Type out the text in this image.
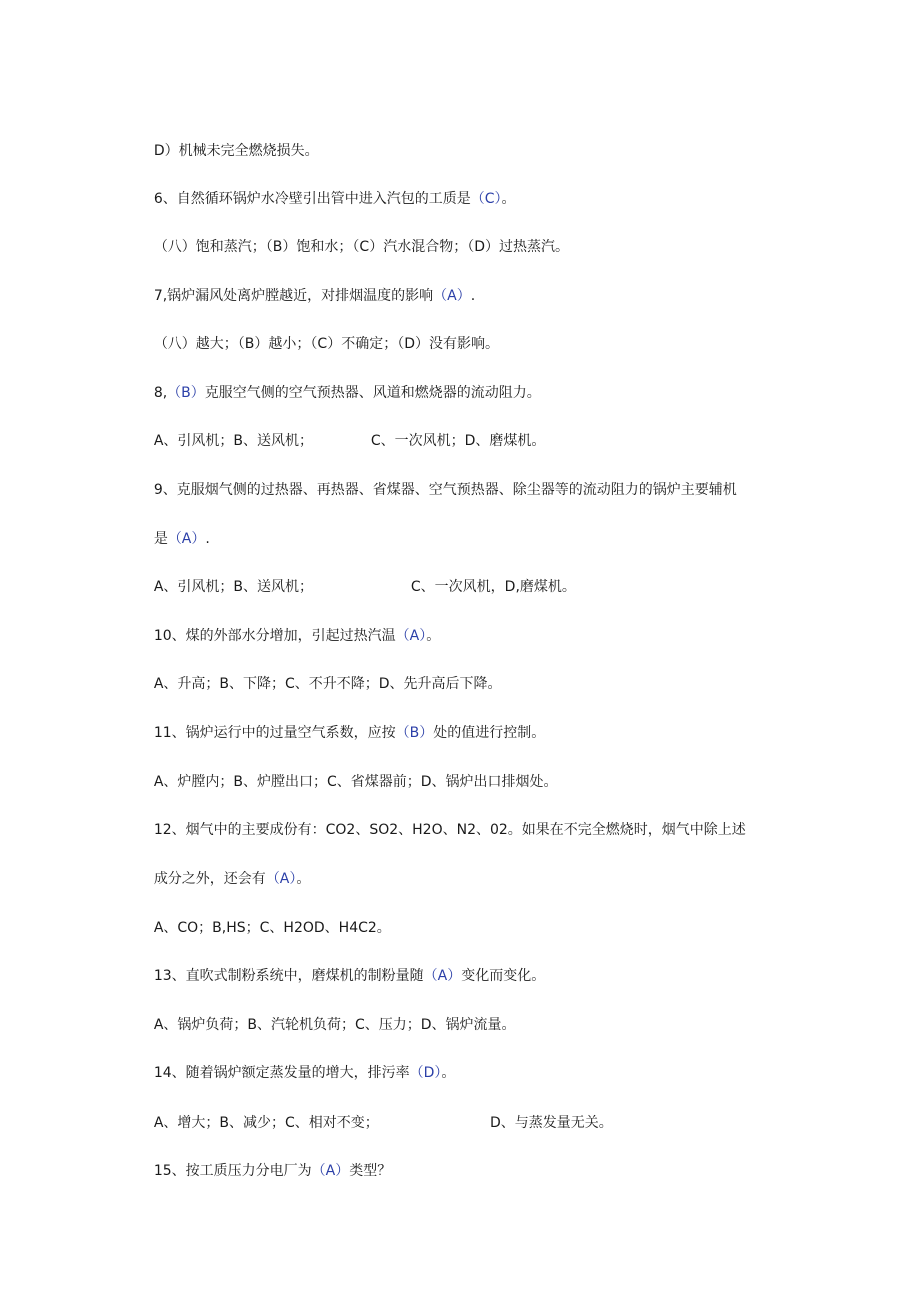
D）机械未完全燃烧损失。

6、自然循环锅炉水冷壁引出管中进入汽包的工质是（C）。

（八）饱和蒸汽；（B）饱和水；（C）汽水混合物；（D）过热蒸汽。

7,锅炉漏风处离炉膛越近，对排烟温度的影响（A）.

（八）越大；（B）越小；（C）不确定；（D）没有影响。

8,（B）克服空气侧的空气预热器、风道和燃烧器的流动阻力。

A、引风机；B、送风机；             C、一次风机；D、磨煤机。

9、克服烟气侧的过热器、再热器、省煤器、空气预热器、除尘器等的流动阻力的锅炉主要辅机

是（A）.

A、引风机；B、送风机；                      C、一次风机，D,磨煤机。

10、煤的外部水分增加，引起过热汽温（A）。

A、升高；B、下降；C、不升不降；D、先升高后下降。

11、锅炉运行中的过量空气系数，应按（B）处的值进行控制。

A、炉膛内；B、炉膛出口；C、省煤器前；D、锅炉出口排烟处。

12、烟气中的主要成份有：CO2、SO2、H2O、N2、02。如果在不完全燃烧时，烟气中除上述

成分之外，还会有（A）。

A、CO；B,HS；C、H2OD、H4C2。

13、直吹式制粉系统中，磨煤机的制粉量随（A）变化而变化。

A、锅炉负荷；B、汽轮机负荷；C、压力；D、锅炉流量。

14、随着锅炉额定蒸发量的增大，排污率（D）。

A、增大；B、减少；C、相对不变；                         D、与蒸发量无关。

15、按工质压力分电厂为（A）类型？
